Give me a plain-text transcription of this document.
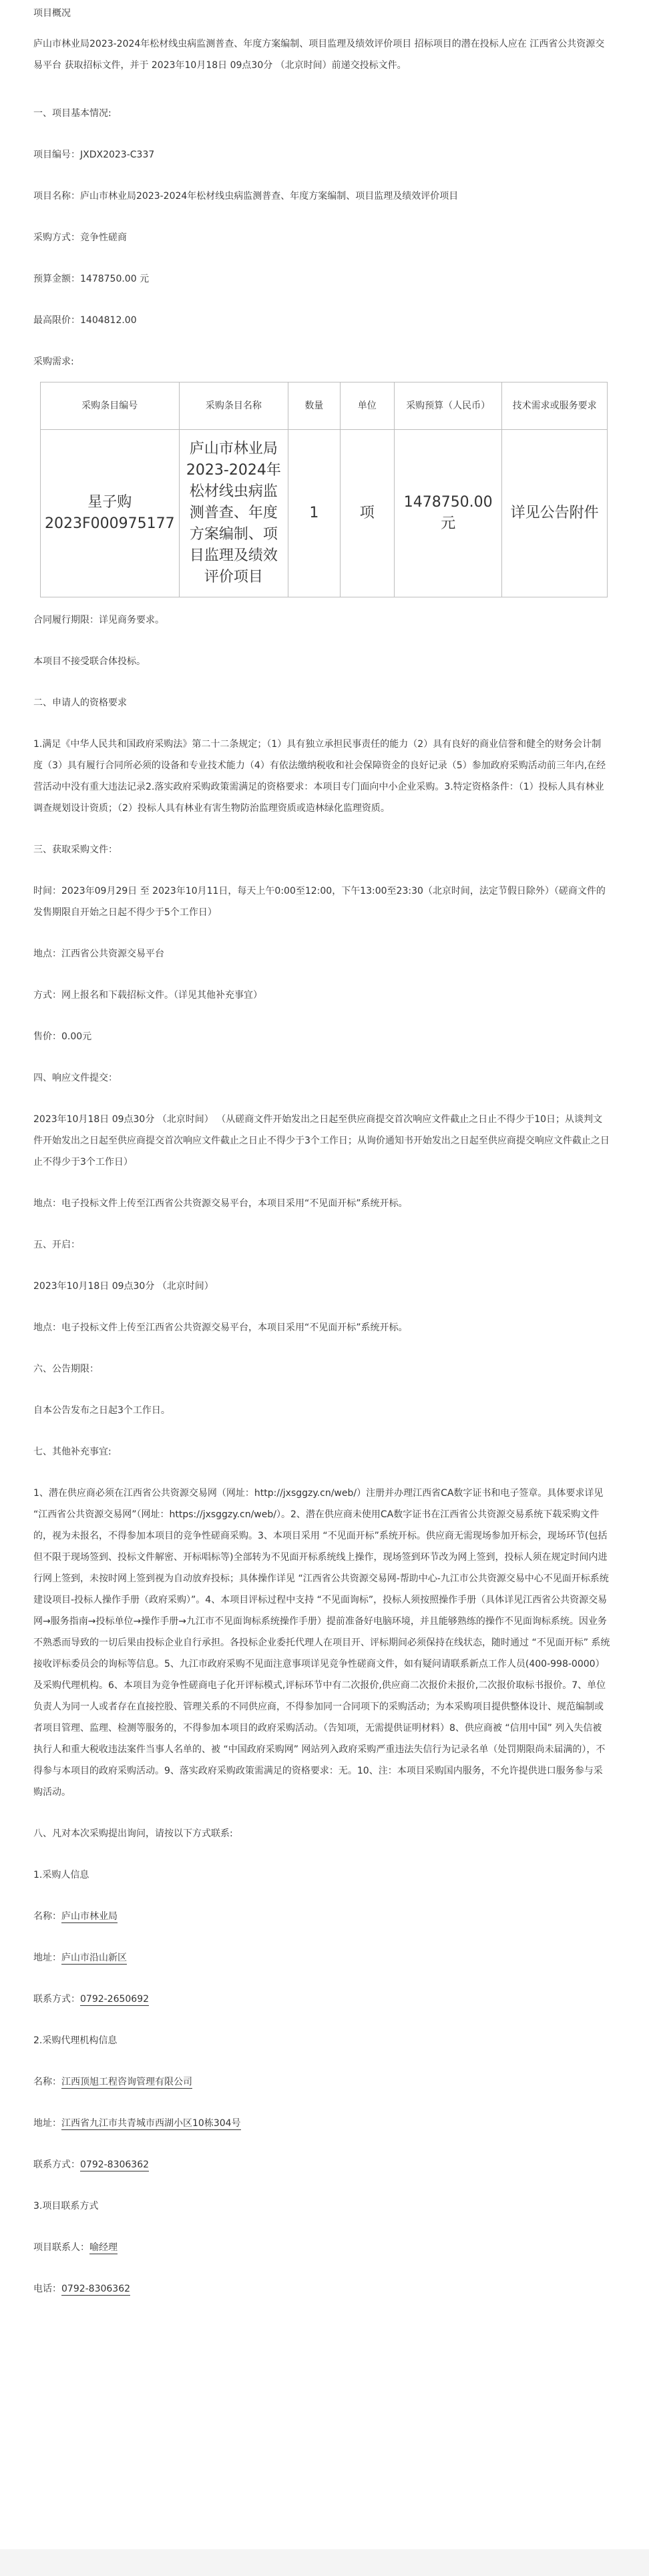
项目概况

庐山市林业局2023-2024年松材线虫病监测普查、年度方案编制、项目监理及绩效评价项目 招标项目的潜在投标人应在 江西省公共资源交易平台 获取招标文件，并于 2023年10月18日 09点30分 （北京时间）前递交投标文件。

一、项目基本情况:

项目编号：JXDX2023-C337

项目名称：庐山市林业局2023-2024年松材线虫病监测普查、年度方案编制、项目监理及绩效评价项目

采购方式：竞争性磋商

预算金额：1478750.00 元

最高限价：1404812.00

采购需求:

采购条目编号	采购条目名称	数量	单位	采购预算（人民币）	技术需求或服务要求
星子购2023F000975177	庐山市林业局2023-2024年松材线虫病监测普查、年度方案编制、项目监理及绩效评价项目	1	项	1478750.00元	详见公告附件

合同履行期限：详见商务要求。

本项目不接受联合体投标。

二、申请人的资格要求

1.满足《中华人民共和国政府采购法》第二十二条规定；（1）具有独立承担民事责任的能力（2）具有良好的商业信誉和健全的财务会计制度（3）具有履行合同所必须的设备和专业技术能力（4）有依法缴纳税收和社会保障资金的良好记录（5）参加政府采购活动前三年内,在经营活动中没有重大违法记录2.落实政府采购政策需满足的资格要求：本项目专门面向中小企业采购。3.特定资格条件：（1）投标人具有林业调查规划设计资质；（2）投标人具有林业有害生物防治监理资质或造林绿化监理资质。

三、获取采购文件：

时间：2023年09月29日 至 2023年10月11日，每天上午0:00至12:00，下午13:00至23:30（北京时间，法定节假日除外）（磋商文件的发售期限自开始之日起不得少于5个工作日）

地点：江西省公共资源交易平台

方式：网上报名和下载招标文件。（详见其他补充事宜）

售价：0.00元

四、响应文件提交：

2023年10月18日 09点30分 （北京时间） （从磋商文件开始发出之日起至供应商提交首次响应文件截止之日止不得少于10日；从谈判文件开始发出之日起至供应商提交首次响应文件截止之日止不得少于3个工作日；从询价通知书开始发出之日起至供应商提交响应文件截止之日止不得少于3个工作日）

地点：电子投标文件上传至江西省公共资源交易平台，本项目采用“不见面开标”系统开标。

五、开启：

2023年10月18日 09点30分 （北京时间）

地点：电子投标文件上传至江西省公共资源交易平台，本项目采用“不见面开标”系统开标。

六、公告期限：

自本公告发布之日起3个工作日。

七、其他补充事宜:

1、潜在供应商必须在江西省公共资源交易网（网址：http://jxsggzy.cn/web/）注册并办理江西省CA数字证书和电子签章。具体要求详见 “江西省公共资源交易网”（网址：https://jxsggzy.cn/web/）。2、潜在供应商未使用CA数字证书在江西省公共资源交易系统下载采购文件的，视为未报名，不得参加本项目的竞争性磋商采购。3、本项目采用 “不见面开标”系统开标。供应商无需现场参加开标会，现场环节(包括但不限于现场签到、投标文件解密、开标唱标等)全部转为不见面开标系统线上操作，现场签到环节改为网上签到，投标人须在规定时间内进行网上签到，未按时网上签到视为自动放弃投标；具体操作详见 “江西省公共资源交易网-帮助中心-九江市公共资源交易中心不见面开标系统建设项目-投标人操作手册（政府采购）”。4、本项目评标过程中支持 “不见面询标”，投标人须按照操作手册（具体详见江西省公共资源交易网→服务指南→投标单位→操作手册→九江市不见面询标系统操作手册）提前准备好电脑环境，并且能够熟练的操作不见面询标系统。因业务不熟悉而导致的一切后果由投标企业自行承担。各投标企业委托代理人在项目开、评标期间必须保持在线状态，随时通过 “不见面开标” 系统接收评标委员会的询标等信息。5、九江市政府采购不见面注意事项详见竞争性磋商文件，如有疑问请联系新点工作人员(400-998-0000）及采购代理机构。6、本项目为竞争性磋商电子化开评标模式,评标环节中有二次报价,供应商二次报价未报价,二次报价取标书报价。7、单位负责人为同一人或者存在直接控股、管理关系的不同供应商，不得参加同一合同项下的采购活动；为本采购项目提供整体设计、规范编制或者项目管理、监理、检测等服务的，不得参加本项目的政府采购活动。（告知项，无需提供证明材料）8、供应商被 “信用中国” 列入失信被执行人和重大税收违法案件当事人名单的、被 “中国政府采购网” 网站列入政府采购严重违法失信行为记录名单（处罚期限尚未届满的），不得参与本项目的政府采购活动。9、落实政府采购政策需满足的资格要求：无。10、注：本项目采购国内服务，不允许提供进口服务参与采购活动。

八、凡对本次采购提出询问，请按以下方式联系:

1.采购人信息

名称：庐山市林业局

地址：庐山市沿山新区

联系方式：0792-2650692

2.采购代理机构信息

名称：江西顶旭工程咨询管理有限公司

地址：江西省九江市共青城市西湖小区10栋304号

联系方式：0792-8306362

3.项目联系方式

项目联系人：喻经理

电话：0792-8306362
